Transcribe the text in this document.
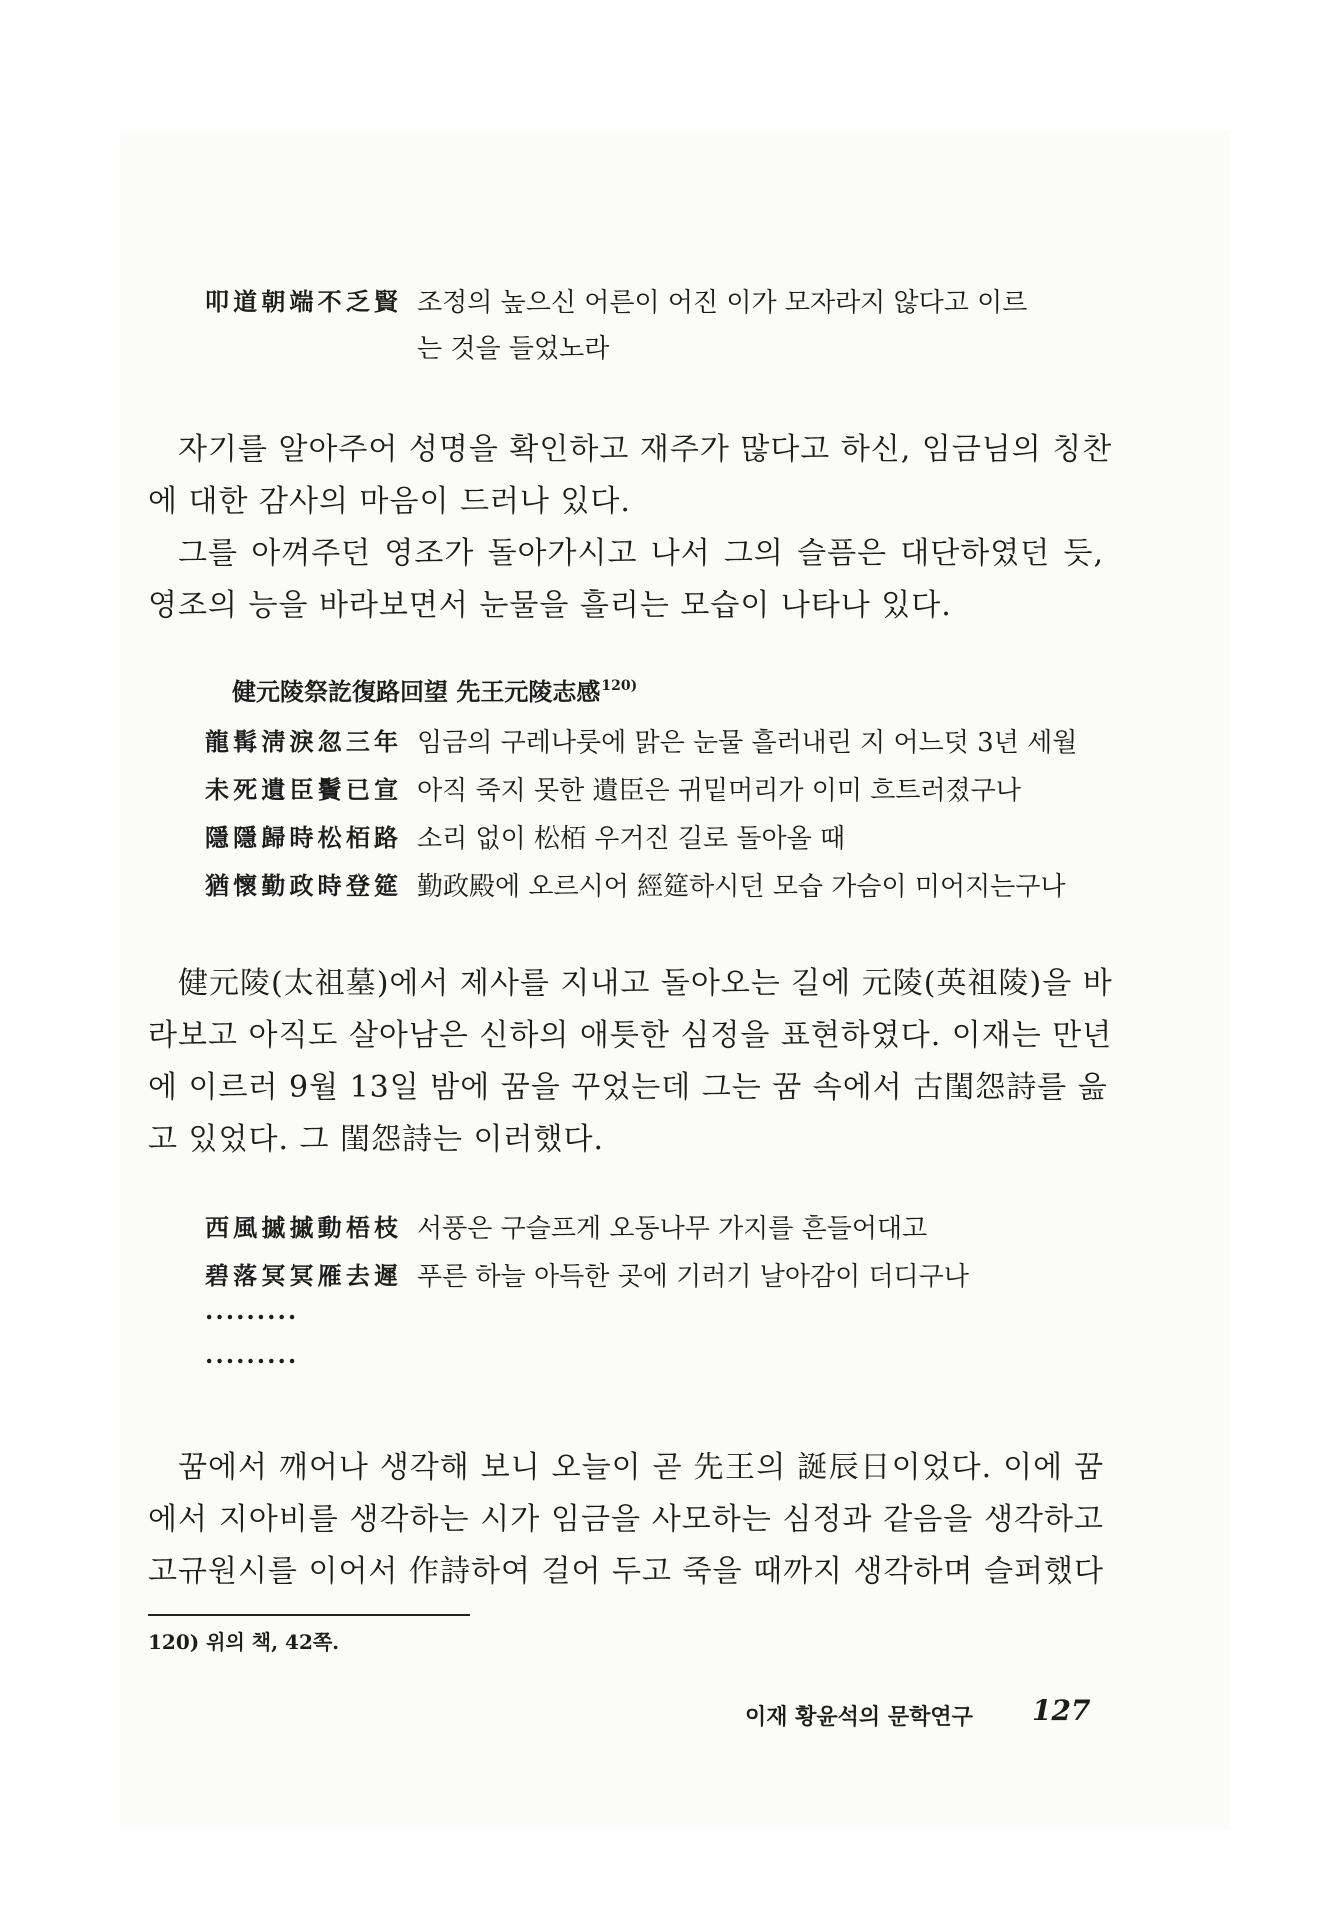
叩道朝端不乏賢 조정의 높으신 어른이 어진 이가 모자라지 않다고 이르
는 것을 들었노라
자기를 알아주어 성명을 확인하고 재주가 많다고 하신, 임금님의 칭찬
에 대한 감사의 마음이 드러나 있다.
그를 아껴주던 영조가 돌아가시고 나서 그의 슬픔은 대단하였던 듯,
영조의 능을 바라보면서 눈물을 흘리는 모습이 나타나 있다.
健元陵祭訖復路回望 先王元陵志感$^{120)}$
龍髯淸淚忽三年 임금의 구레나룻에 맑은 눈물 흘러내린 지 어느덧 3년 세월
未死遺臣鬢已宣 아직 죽지 못한 遺臣은 귀밑머리가 이미 흐트러졌구나
隱隱歸時松栢路 소리 없이 松栢 우거진 길로 돌아올 때
猶懷勤政時登筵 勤政殿에 오르시어 經筵하시던 모습 가슴이 미어지는구나
健元陵(太祖墓)에서 제사를 지내고 돌아오는 길에 元陵(英祖陵)을 바
라보고 아직도 살아남은 신하의 애틋한 심정을 표현하였다. 이재는 만년
에 이르러 9월 13일 밤에 꿈을 꾸었는데 그는 꿈 속에서 古閨怨詩를 읊
고 있었다. 그 閨怨詩는 이러했다.
西風摵摵動梧枝 서풍은 구슬프게 오동나무 가지를 흔들어대고
碧落冥冥雁去遲 푸른 하늘 아득한 곳에 기러기 날아감이 더디구나
.........
.........
꿈에서 깨어나 생각해 보니 오늘이 곧 先王의 誕辰日이었다. 이에 꿈
에서 지아비를 생각하는 시가 임금을 사모하는 심정과 같음을 생각하고
고규원시를 이어서 作詩하여 걸어 두고 죽을 때까지 생각하며 슬퍼했다
120) 위의 책, 42쪽.
이재 황윤석의 문학연구 127
